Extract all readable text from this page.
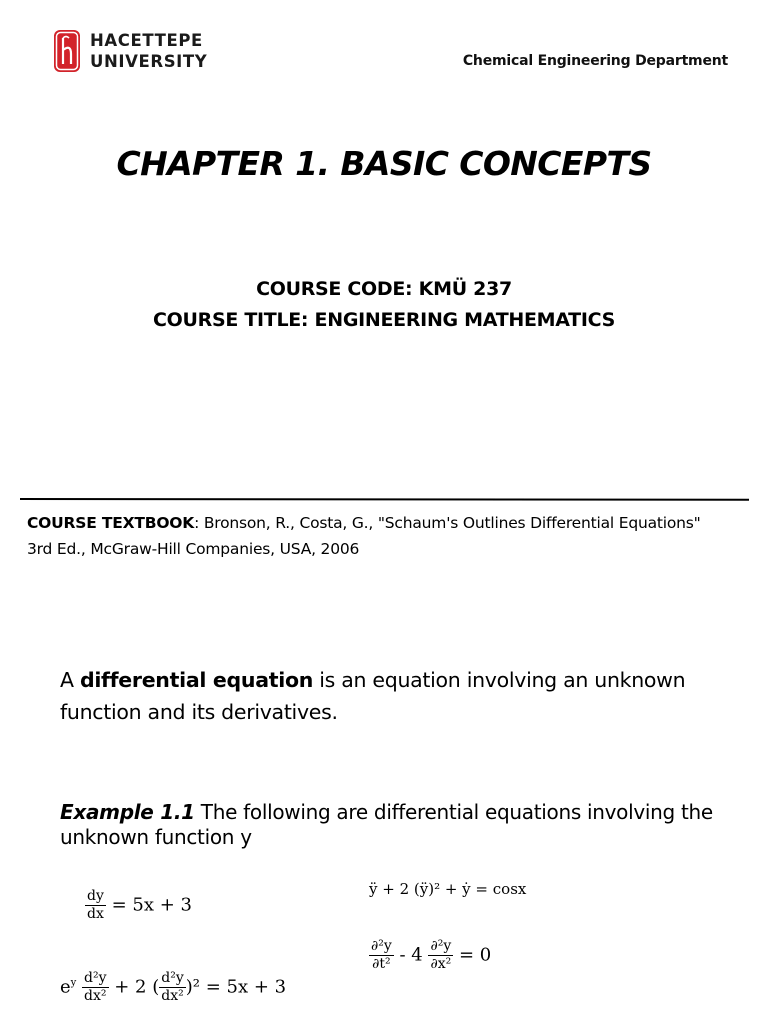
HACETTEPE
UNIVERSITY	Chemical Engineering Department
CHAPTER 1. BASIC CONCEPTS
COURSE CODE: KMÜ 237
COURSE TITLE: ENGINEERING MATHEMATICS
COURSE TEXTBOOK: Bronson, R., Costa, G., "Schaum's Outlines Differential Equations" 3rd Ed., McGraw-Hill Companies, USA, 2006
A differential equation is an equation involving an unknown function and its derivatives.
Example 1.1 The following are differential equations involving the unknown function y
$\frac{dy}{dx} = 5x + 3$
ÿ + 2 (ÿ)² + ẏ = cosx
$\frac{\text{∂²y}}{\text{∂t²}} - 4 \frac{\text{∂²y}}{\text{∂x²}} = 0$
$e^y \frac{\text{d²y}}{\text{dx²}} + 2$ ( $\frac{\text{d²y}}{\text{dx²}} )^2 = 5x + 3$
